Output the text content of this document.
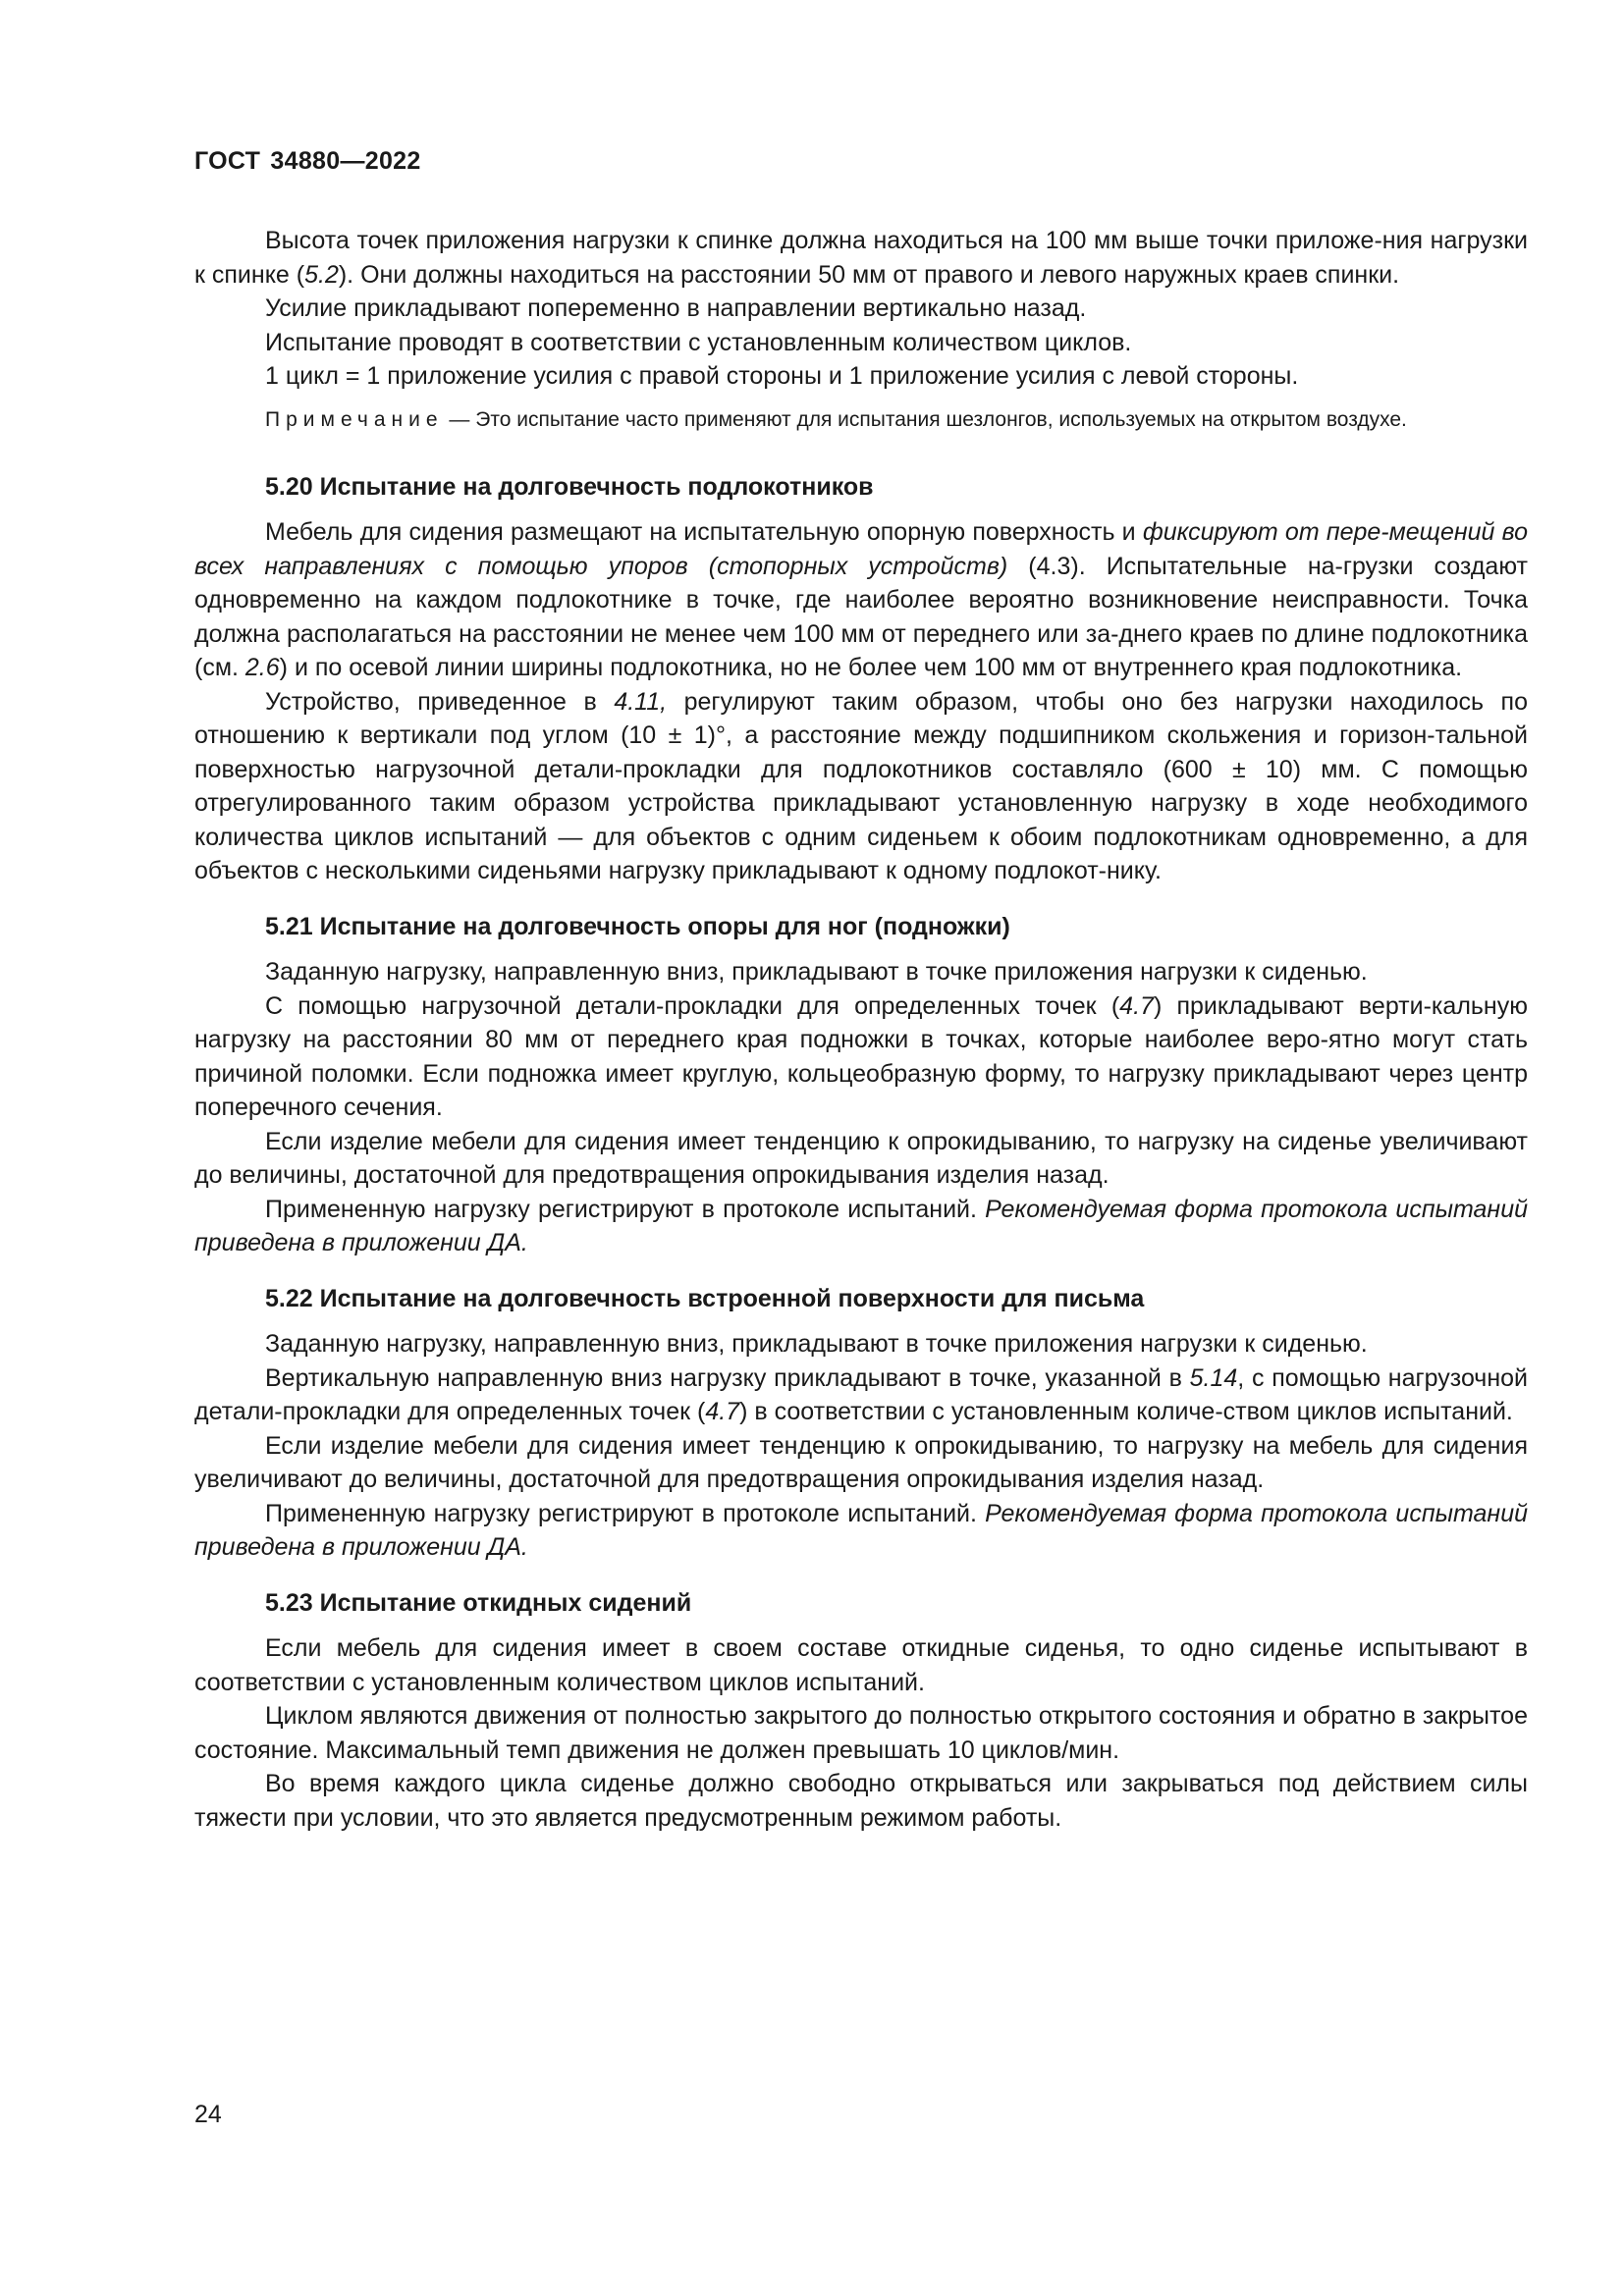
ГОСТ 34880—2022

Высота точек приложения нагрузки к спинке должна находиться на 100 мм выше точки приложе-ния нагрузки к спинке (5.2). Они должны находиться на расстоянии 50 мм от правого и левого наружных краев спинки.

Усилие прикладывают попеременно в направлении вертикально назад.

Испытание проводят в соответствии с установленным количеством циклов.

1 цикл = 1 приложение усилия с правой стороны и 1 приложение усилия с левой стороны.

Примечание — Это испытание часто применяют для испытания шезлонгов, используемых на открытом воздухе.
5.20 Испытание на долговечность подлокотников

Мебель для сидения размещают на испытательную опорную поверхность и фиксируют от пере-мещений во всех направлениях с помощью упоров (стопорных устройств) (4.3). Испытательные на-грузки создают одновременно на каждом подлокотнике в точке, где наиболее вероятно возникновение неисправности. Точка должна располагаться на расстоянии не менее чем 100 мм от переднего или за-днего краев по длине подлокотника (см. 2.6) и по осевой линии ширины подлокотника, но не более чем 100 мм от внутреннего края подлокотника.

Устройство, приведенное в 4.11, регулируют таким образом, чтобы оно без нагрузки находилось по отношению к вертикали под углом (10 ± 1)°, а расстояние между подшипником скольжения и горизон-тальной поверхностью нагрузочной детали-прокладки для подлокотников составляло (600 ± 10) мм. С помощью отрегулированного таким образом устройства прикладывают установленную нагрузку в ходе необходимого количества циклов испытаний — для объектов с одним сиденьем к обоим подлокотникам одновременно, а для объектов с несколькими сиденьями нагрузку прикладывают к одному подлокот-нику.

5.21 Испытание на долговечность опоры для ног (подножки)

Заданную нагрузку, направленную вниз, прикладывают в точке приложения нагрузки к сиденью.

С помощью нагрузочной детали-прокладки для определенных точек (4.7) прикладывают верти-кальную нагрузку на расстоянии 80 мм от переднего края подножки в точках, которые наиболее веро-ятно могут стать причиной поломки. Если подножка имеет круглую, кольцеобразную форму, то нагрузку прикладывают через центр поперечного сечения.

Если изделие мебели для сидения имеет тенденцию к опрокидыванию, то нагрузку на сиденье увеличивают до величины, достаточной для предотвращения опрокидывания изделия назад.

Примененную нагрузку регистрируют в протоколе испытаний. Рекомендуемая форма протокола испытаний приведена в приложении ДА.

5.22 Испытание на долговечность встроенной поверхности для письма

Заданную нагрузку, направленную вниз, прикладывают в точке приложения нагрузки к сиденью.

Вертикальную направленную вниз нагрузку прикладывают в точке, указанной в 5.14, с помощью нагрузочной детали-прокладки для определенных точек (4.7) в соответствии с установленным количе-ством циклов испытаний.

Если изделие мебели для сидения имеет тенденцию к опрокидыванию, то нагрузку на мебель для сидения увеличивают до величины, достаточной для предотвращения опрокидывания изделия назад.

Примененную нагрузку регистрируют в протоколе испытаний. Рекомендуемая форма протокола испытаний приведена в приложении ДА.

5.23 Испытание откидных сидений

Если мебель для сидения имеет в своем составе откидные сиденья, то одно сиденье испытывают в соответствии с установленным количеством циклов испытаний.

Циклом являются движения от полностью закрытого до полностью открытого состояния и обратно в закрытое состояние. Максимальный темп движения не должен превышать 10 циклов/мин.

Во время каждого цикла сиденье должно свободно открываться или закрываться под действием силы тяжести при условии, что это является предусмотренным режимом работы.

24
